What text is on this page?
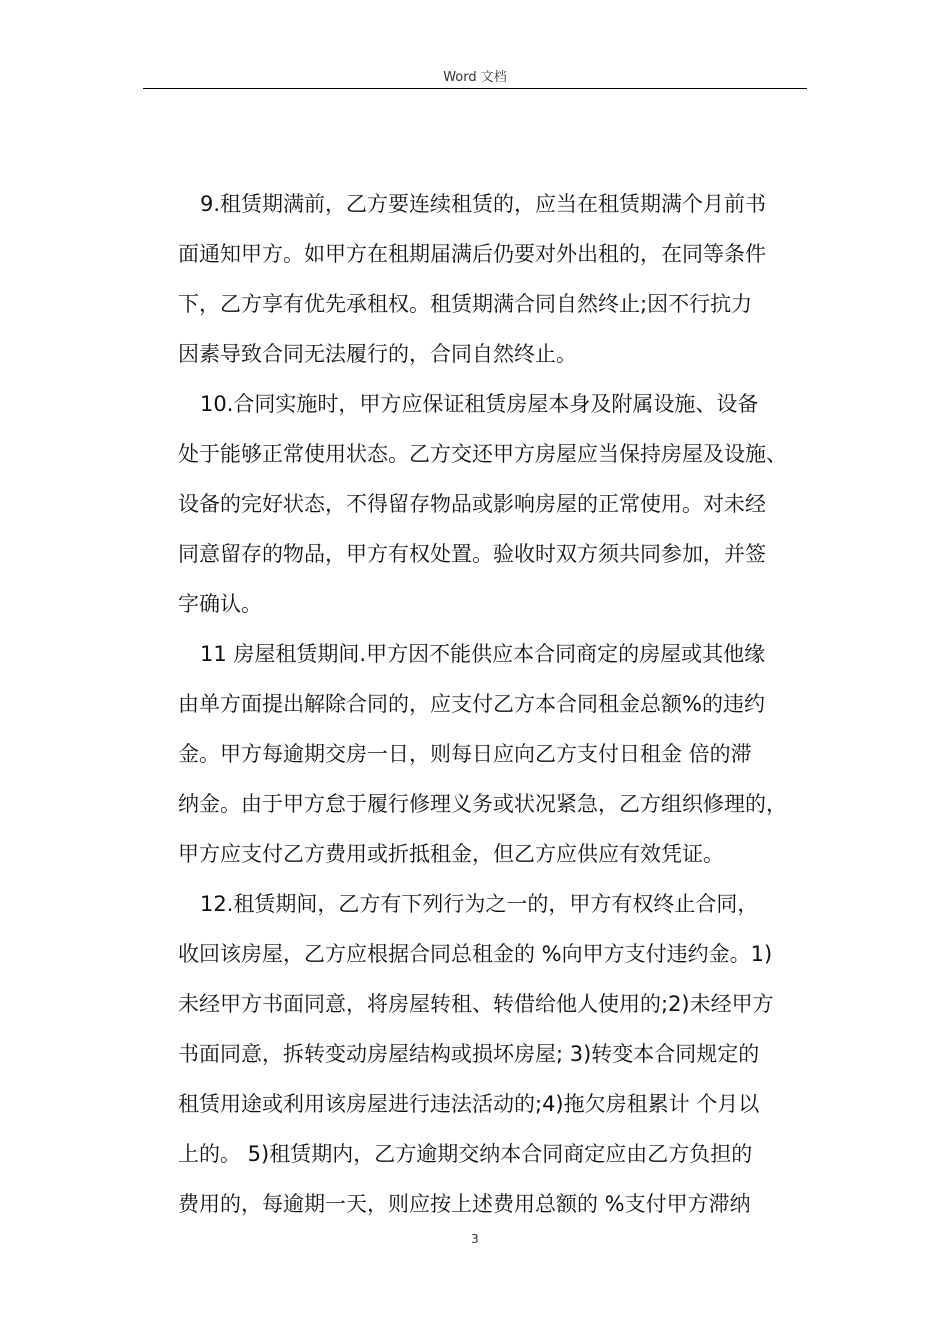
Word 文档
9.租赁期满前，乙方要连续租赁的，应当在租赁期满个月前书
面通知甲方。如甲方在租期届满后仍要对外出租的，在同等条件
下，乙方享有优先承租权。租赁期满合同自然终止;因不行抗力
因素导致合同无法履行的，合同自然终止。
10.合同实施时，甲方应保证租赁房屋本身及附属设施、设备
处于能够正常使用状态。乙方交还甲方房屋应当保持房屋及设施、
设备的完好状态，不得留存物品或影响房屋的正常使用。对未经
同意留存的物品，甲方有权处置。验收时双方须共同参加，并签
字确认。
11 房屋租赁期间.甲方因不能供应本合同商定的房屋或其他缘
由单方面提出解除合同的，应支付乙方本合同租金总额%的违约
金。甲方每逾期交房一日，则每日应向乙方支付日租金 倍的滞
纳金。由于甲方怠于履行修理义务或状况紧急，乙方组织修理的，
甲方应支付乙方费用或折抵租金，但乙方应供应有效凭证。
12.租赁期间，乙方有下列行为之一的，甲方有权终止合同，
收回该房屋，乙方应根据合同总租金的 %向甲方支付违约金。1)
未经甲方书面同意，将房屋转租、转借给他人使用的;2)未经甲方
书面同意，拆转变动房屋结构或损坏房屋; 3)转变本合同规定的
租赁用途或利用该房屋进行违法活动的;4)拖欠房租累计 个月以
上的。 5)租赁期内，乙方逾期交纳本合同商定应由乙方负担的
费用的，每逾期一天，则应按上述费用总额的 %支付甲方滞纳
3
